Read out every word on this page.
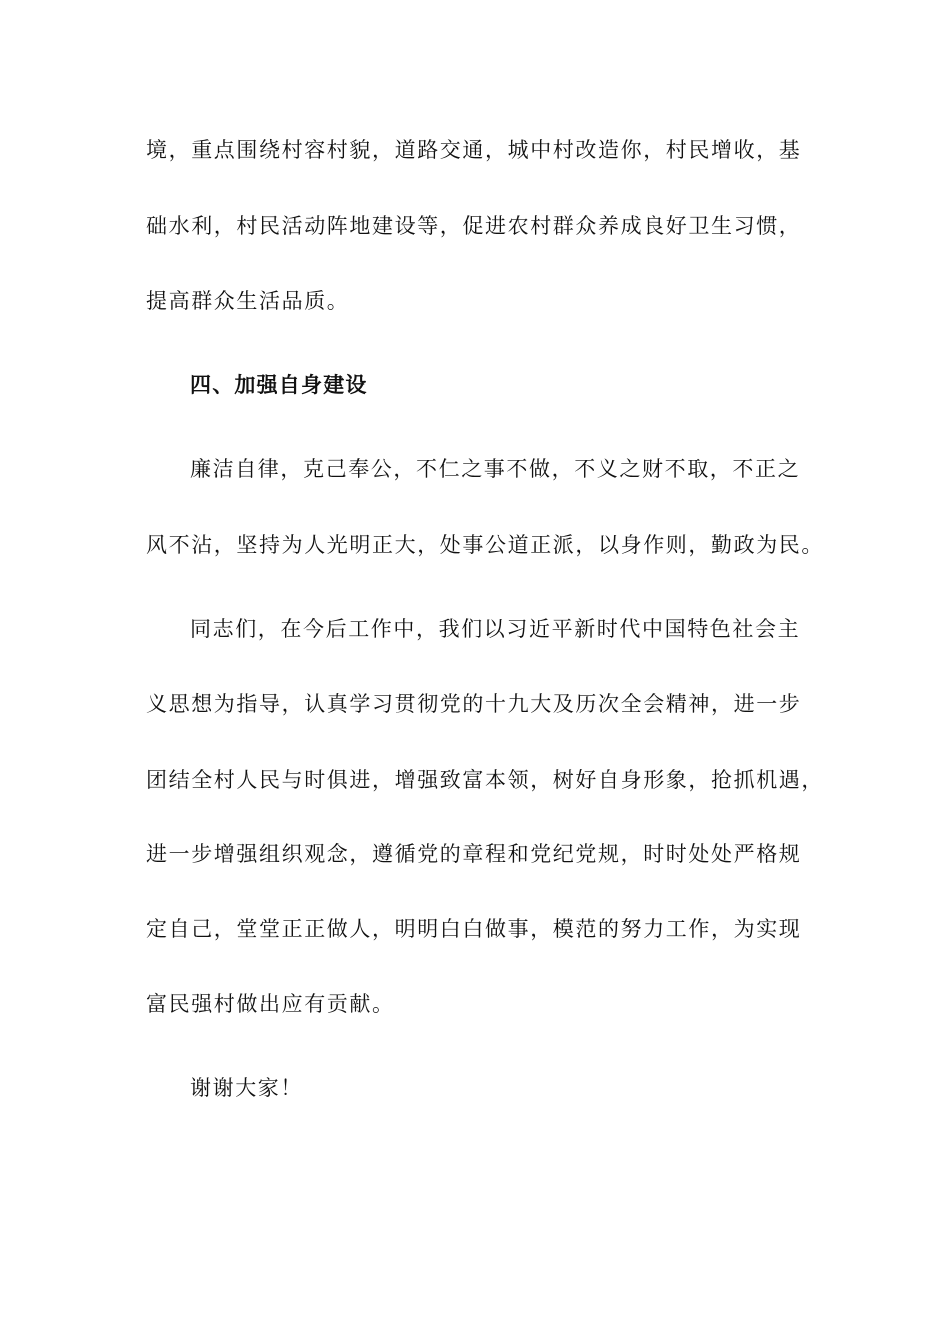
境，重点围绕村容村貌，道路交通，城中村改造你，村民增收，基
础水利，村民活动阵地建设等，促进农村群众养成良好卫生习惯，
提高群众生活品质。
四、加强自身建设
廉洁自律，克己奉公，不仁之事不做，不义之财不取，不正之
风不沾，坚持为人光明正大，处事公道正派，以身作则，勤政为民。
同志们，在今后工作中，我们以习近平新时代中国特色社会主
义思想为指导，认真学习贯彻党的十九大及历次全会精神，进一步
团结全村人民与时俱进，增强致富本领，树好自身形象，抢抓机遇，
进一步增强组织观念，遵循党的章程和党纪党规，时时处处严格规
定自己，堂堂正正做人，明明白白做事，模范的努力工作，为实现
富民强村做出应有贡献。
谢谢大家！
